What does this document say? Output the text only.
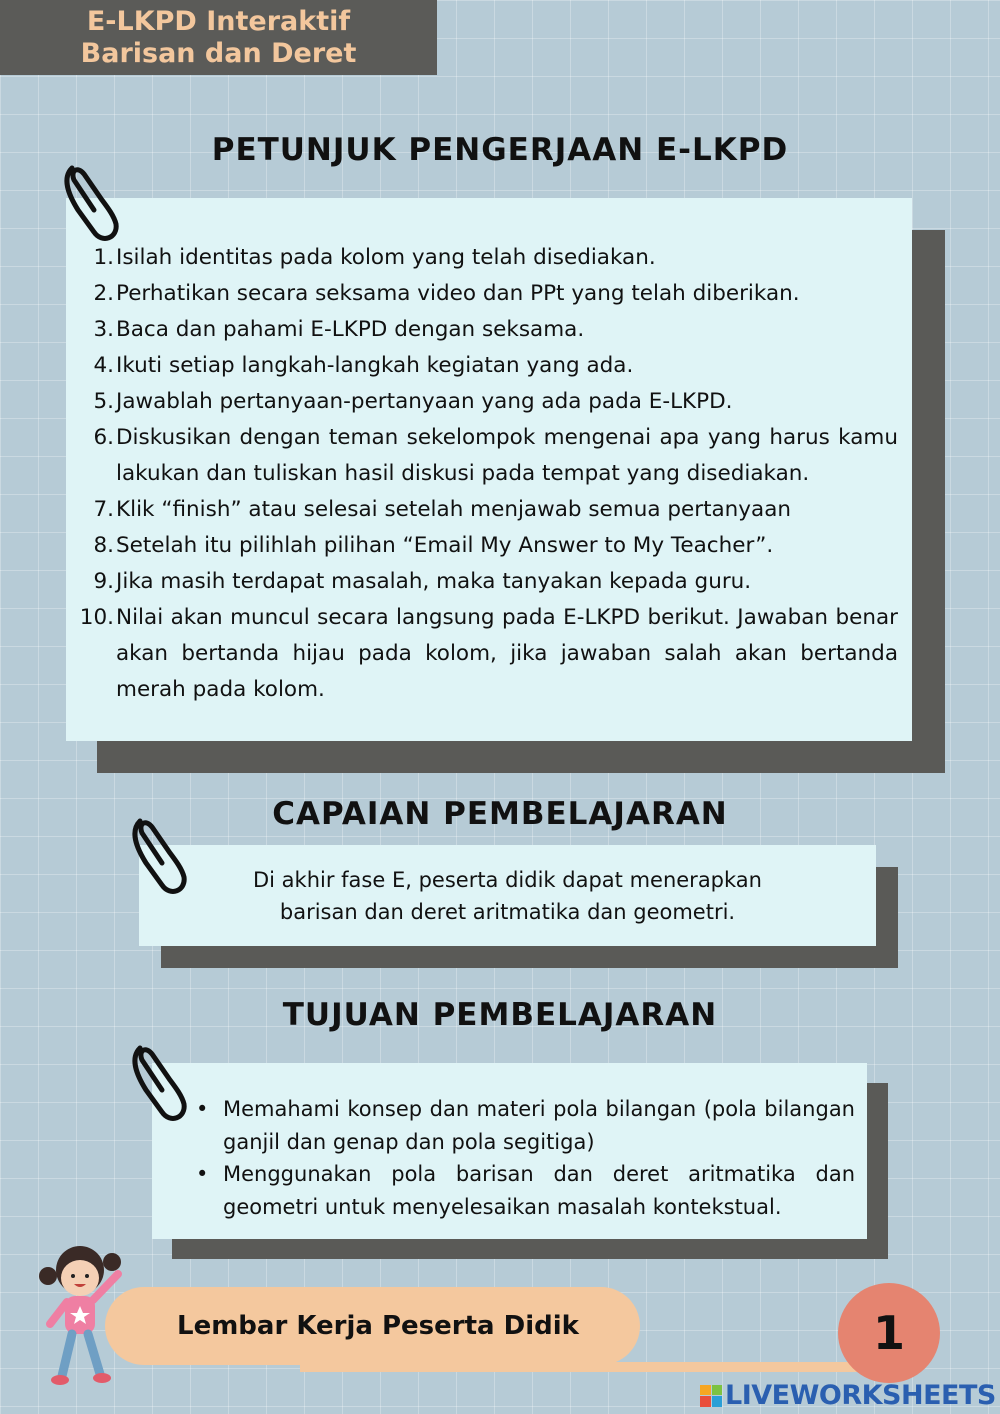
E-LKPD Interaktif
Barisan dan Deret
PETUNJUK PENGERJAAN E-LKPD
1. Isilah identitas pada kolom yang telah disediakan.
2. Perhatikan secara seksama video dan PPt yang telah diberikan.
3. Baca dan pahami E-LKPD dengan seksama.
4. Ikuti setiap langkah-langkah kegiatan yang ada.
5. Jawablah pertanyaan-pertanyaan yang ada pada E-LKPD.
6. Diskusikan dengan teman sekelompok mengenai apa yang harus kamu lakukan dan tuliskan hasil diskusi pada tempat yang disediakan.
7. Klik “finish” atau selesai setelah menjawab semua pertanyaan
8. Setelah itu pilihlah pilihan “Email My Answer to My Teacher”.
9. Jika masih terdapat masalah, maka tanyakan kepada guru.
10. Nilai akan muncul secara langsung pada E-LKPD berikut. Jawaban benar akan bertanda hijau pada kolom, jika jawaban salah akan bertanda merah pada kolom.
CAPAIAN PEMBELAJARAN
Di akhir fase E, peserta didik dapat menerapkan
barisan dan deret aritmatika dan geometri.
TUJUAN PEMBELAJARAN
• Memahami konsep dan materi pola bilangan (pola bilangan ganjil dan genap dan pola segitiga)
• Menggunakan pola barisan dan deret aritmatika dan geometri untuk menyelesaikan masalah kontekstual.
Lembar Kerja Peserta Didik	1
LIVEWORKSHEETS
